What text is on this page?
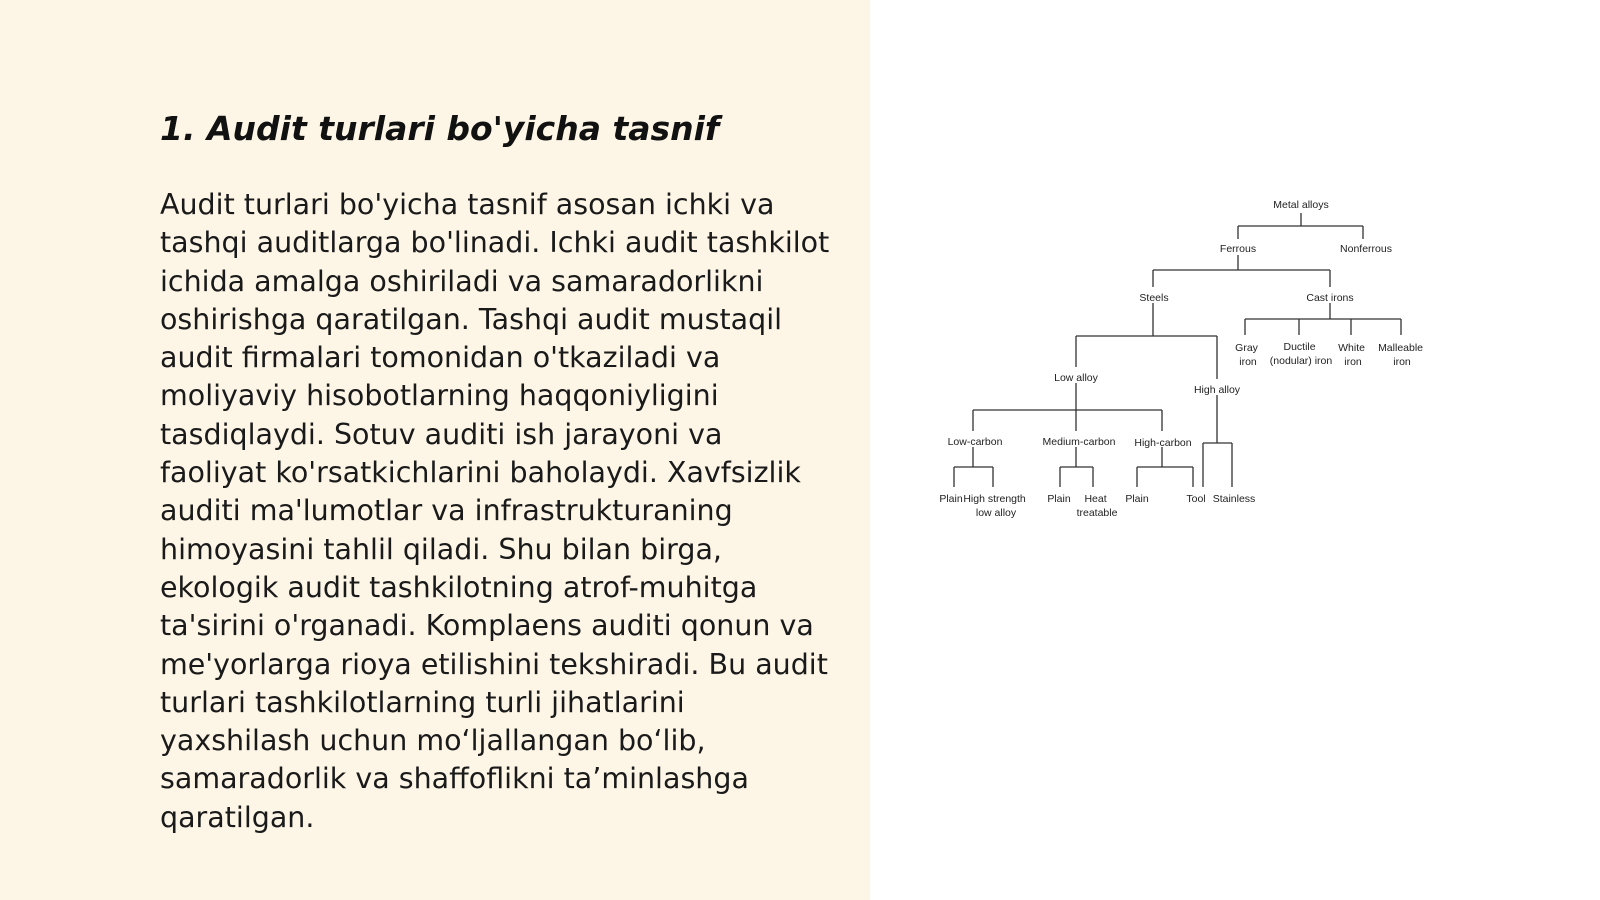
1. Audit turlari bo'yicha tasnif

Audit turlari bo'yicha tasnif asosan ichki va tashqi auditlarga bo'linadi. Ichki audit tashkilot ichida amalga oshiriladi va samaradorlikni oshirishga qaratilgan. Tashqi audit mustaqil audit firmalari tomonidan o'tkaziladi va moliyaviy hisobotlarning haqqoniyligini tasdiqlaydi. Sotuv auditi ish jarayoni va faoliyat ko'rsatkichlarini baholaydi. Xavfsizlik auditi ma'lumotlar va infrastrukturaning himoyasini tahlil qiladi. Shu bilan birga, ekologik audit tashkilotning atrof-muhitga ta'sirini o'rganadi. Komplaens auditi qonun va me'yorlarga rioya etilishini tekshiradi. Bu audit turlari tashkilotlarning turli jihatlarini yaxshilash uchun mo‘ljallangan bo‘lib, samaradorlik va shaffoflikni ta’minlashga qaratilgan.

Metal alloys
Ferrous	Nonferrous
Steels	Cast irons
Gray iron
Ductile (nodular) iron
White iron
Malleable iron
Low alloy
High alloy
Low-carbon	Medium-carbon High-carbon
Plain High strength low alloy
Plain	Heat treatable
Plain	Tool Stainless
